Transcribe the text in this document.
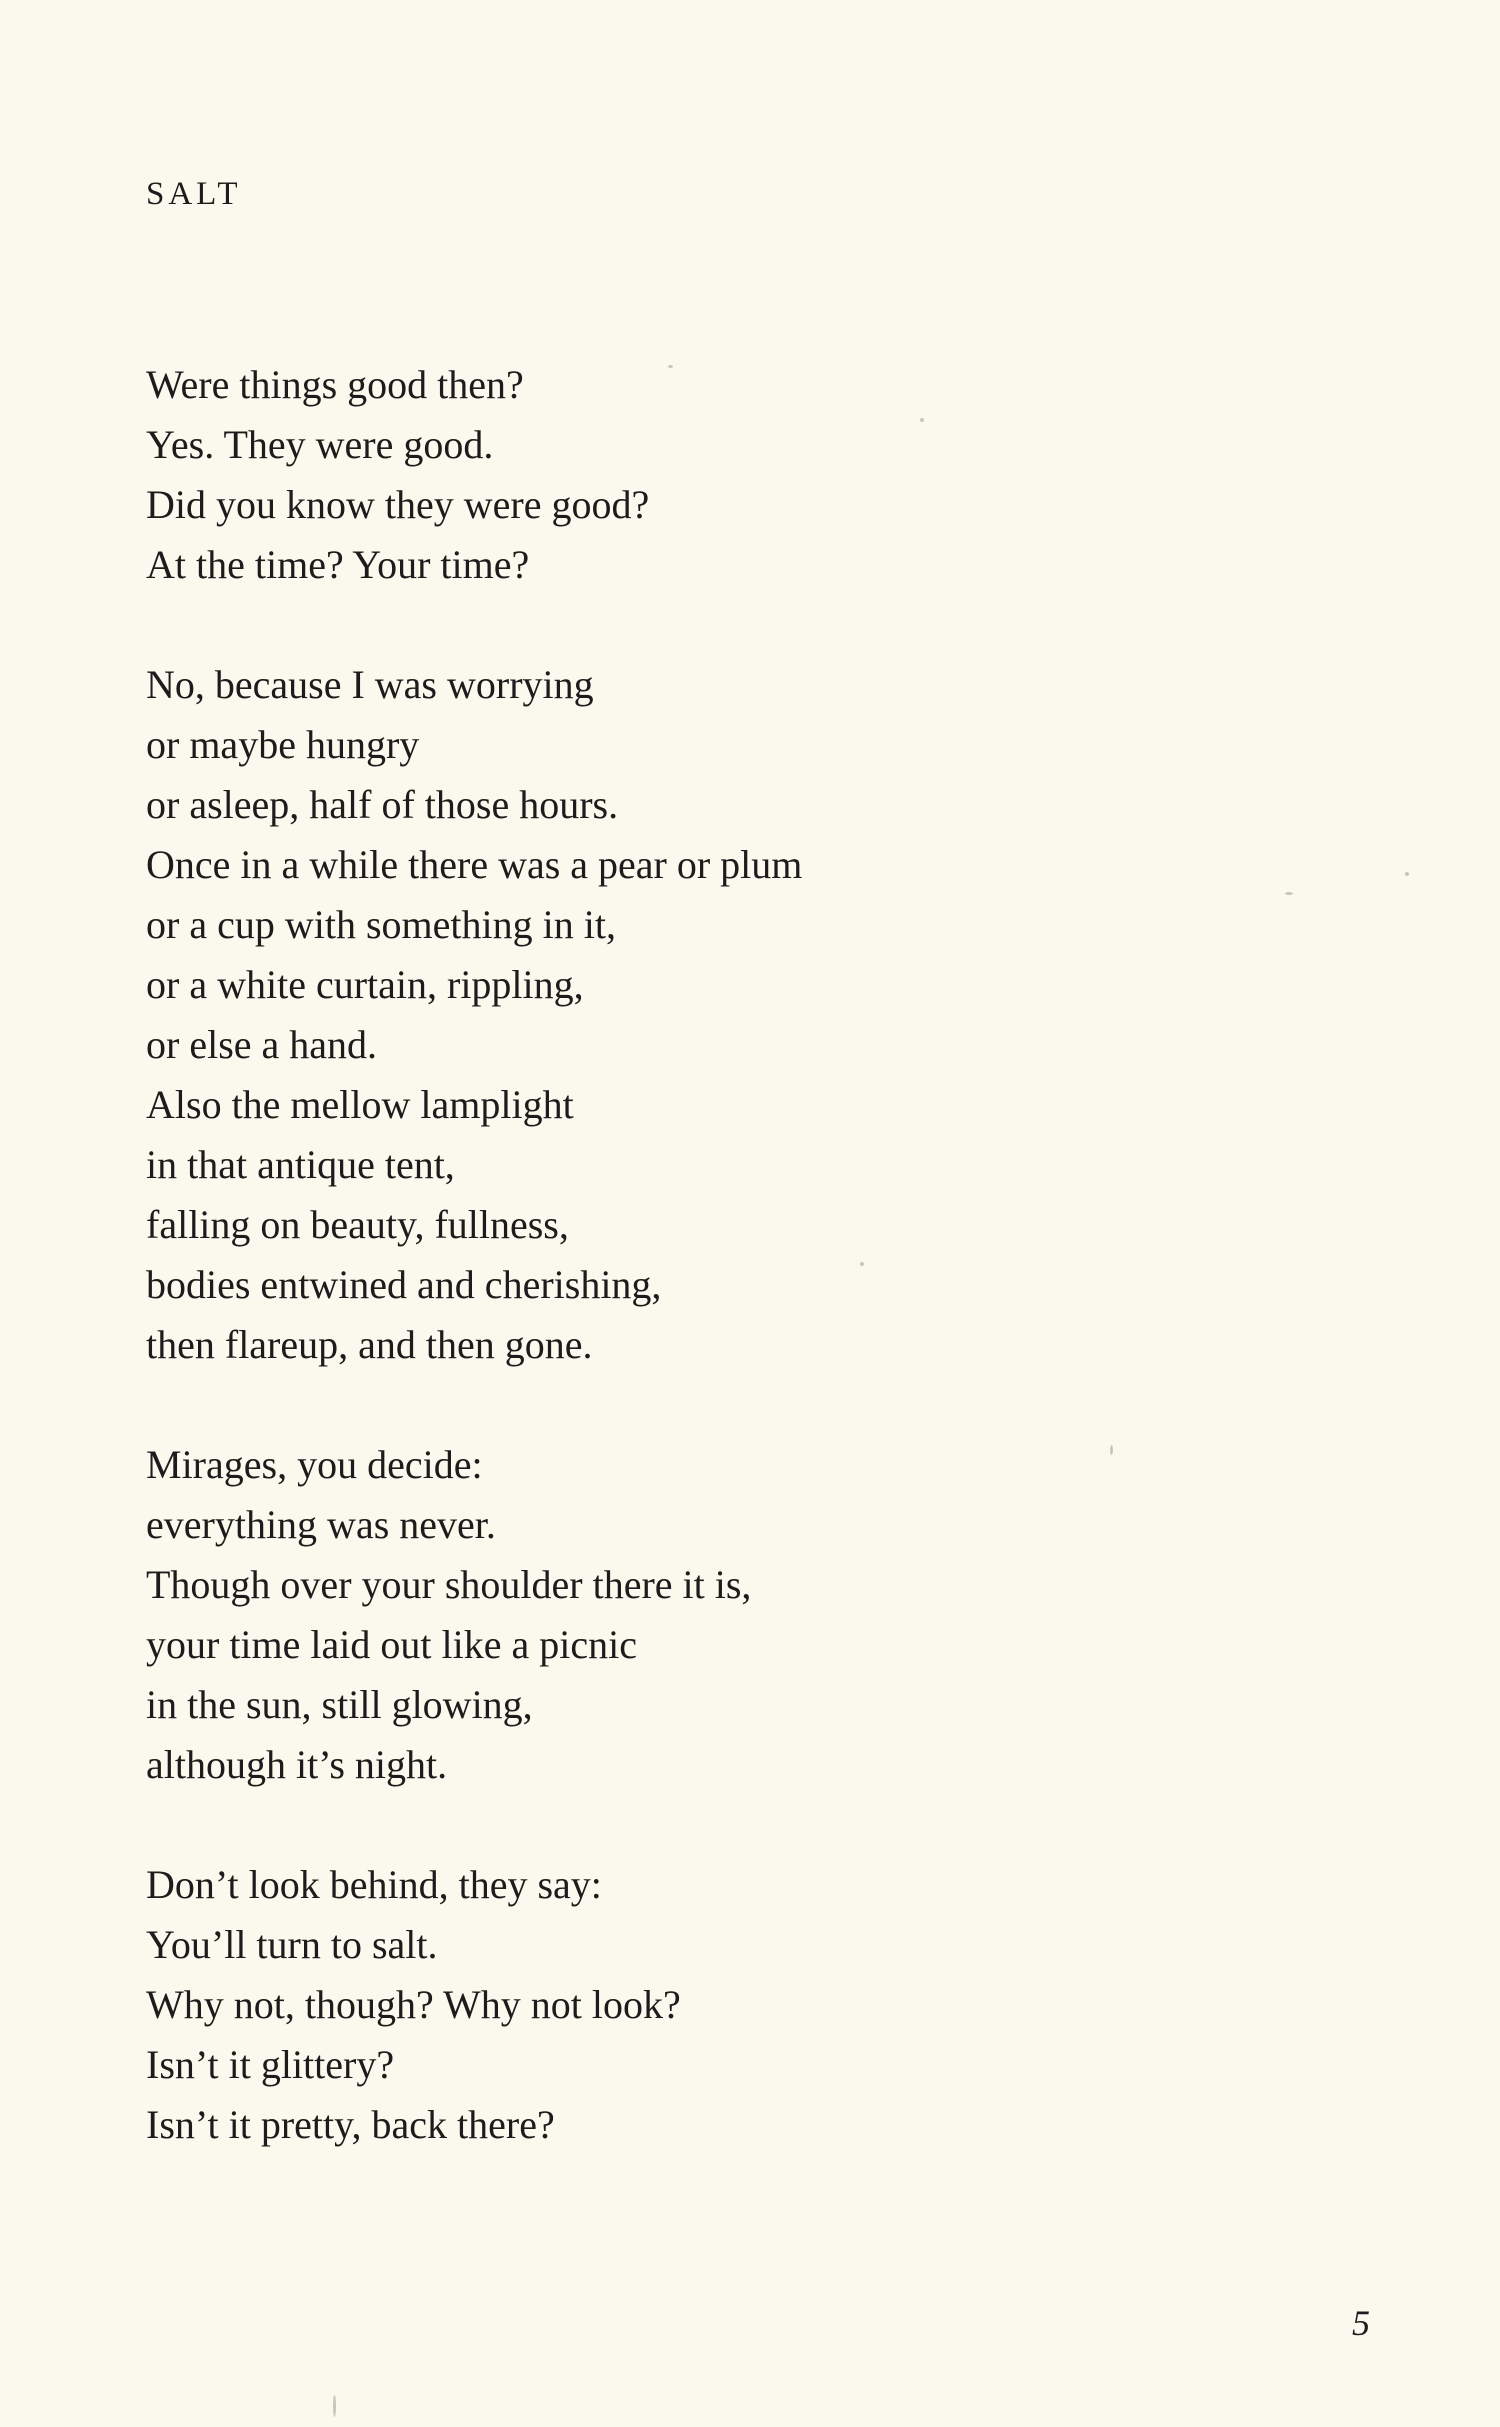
SALT
Were things good then?
Yes. They were good.
Did you know they were good?
At the time? Your time?
No, because I was worrying
or maybe hungry
or asleep, half of those hours.
Once in a while there was a pear or plum
or a cup with something in it,
or a white curtain, rippling,
or else a hand.
Also the mellow lamplight
in that antique tent,
falling on beauty, fullness,
bodies entwined and cherishing,
then flareup, and then gone.
Mirages, you decide:
everything was never.
Though over your shoulder there it is,
your time laid out like a picnic
in the sun, still glowing,
although it’s night.
Don’t look behind, they say:
You’ll turn to salt.
Why not, though? Why not look?
Isn’t it glittery?
Isn’t it pretty, back there?
5
